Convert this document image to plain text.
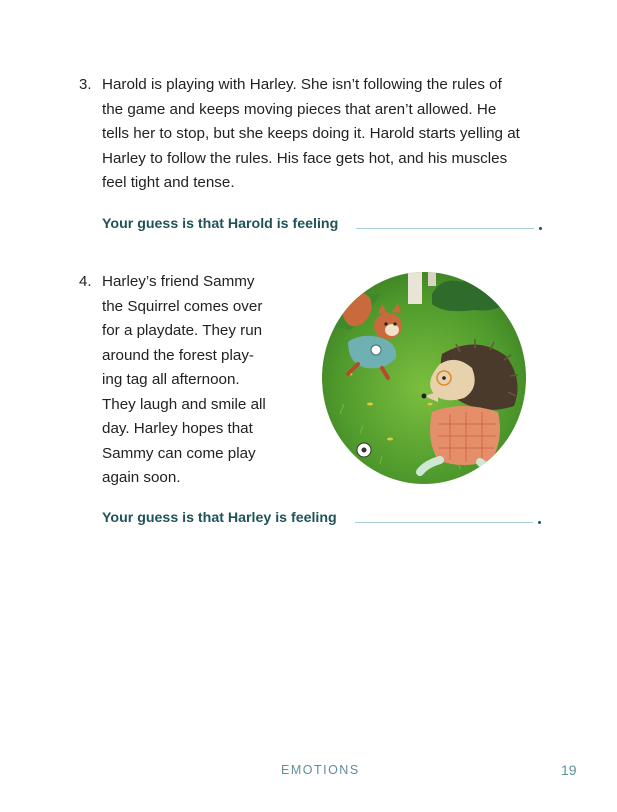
3. Harold is playing with Harley. She isn’t following the rules of
the game and keeps moving pieces that aren’t allowed. He
tells her to stop, but she keeps doing it. Harold starts yelling at
Harley to follow the rules. His face gets hot, and his muscles
feel tight and tense.
Your guess is that Harold is feeling
4. Harley’s friend Sammy
the Squirrel comes over
for a playdate. They run
around the forest play-
ing tag all afternoon.
They laugh and smile all
day. Harley hopes that
Sammy can come play
again soon.
Your guess is that Harley is feeling
EMOTIONS	19
